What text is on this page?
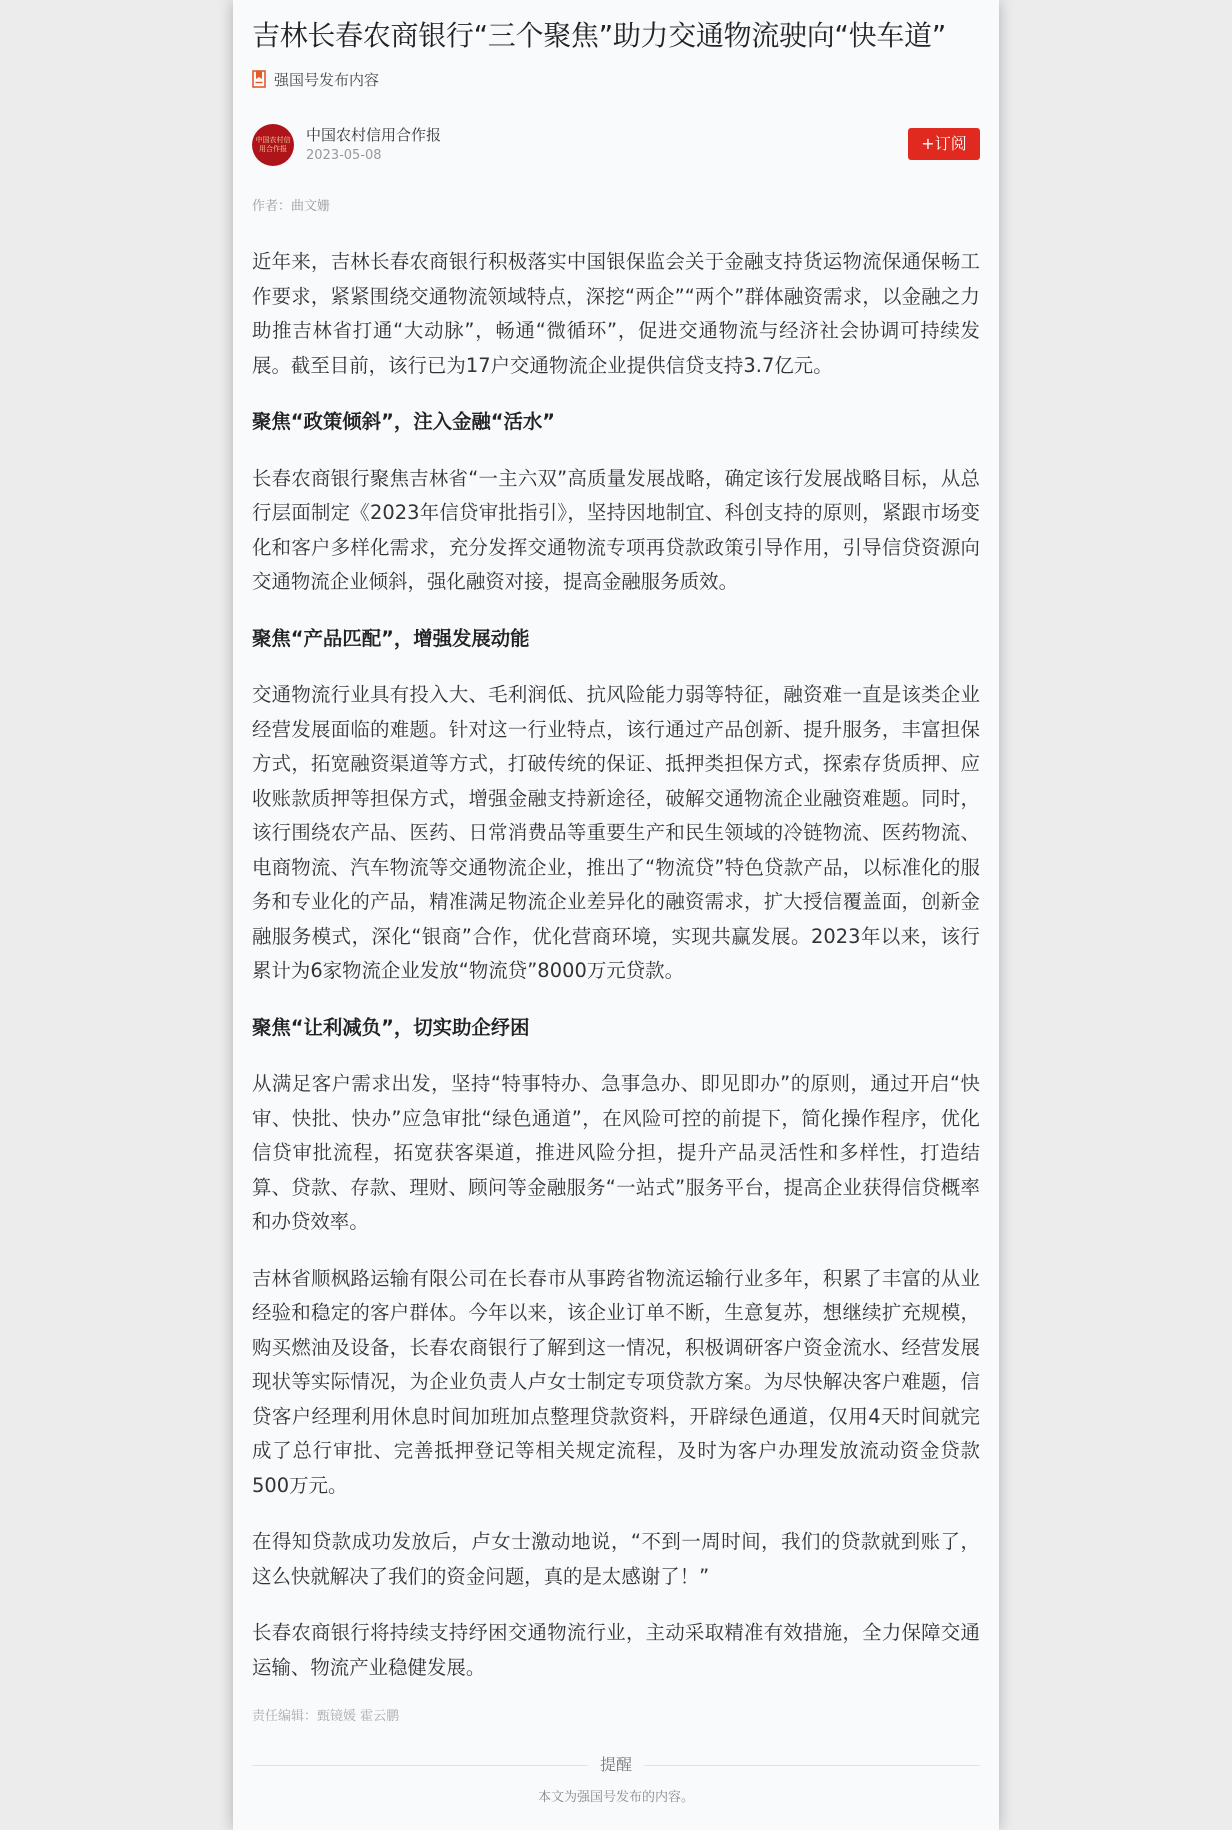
吉林长春农商银行“三个聚焦”助力交通物流驶向“快车道”
强国号发布内容
中国农村信用合作报
中国农村信用合作报
2023-05-08
+订阅
作者：曲文姗

近年来，吉林长春农商银行积极落实中国银保监会关于金融支持货运物流保通保畅工作要求，紧紧围绕交通物流领域特点，深挖“两企”“两个”群体融资需求，以金融之力助推吉林省打通“大动脉”，畅通“微循环”，促进交通物流与经济社会协调可持续发展。截至目前，该行已为17户交通物流企业提供信贷支持3.7亿元。

聚焦“政策倾斜”，注入金融“活水”

长春农商银行聚焦吉林省“一主六双”高质量发展战略，确定该行发展战略目标，从总行层面制定《2023年信贷审批指引》，坚持因地制宜、科创支持的原则，紧跟市场变化和客户多样化需求，充分发挥交通物流专项再贷款政策引导作用，引导信贷资源向交通物流企业倾斜，强化融资对接，提高金融服务质效。

聚焦“产品匹配”，增强发展动能

交通物流行业具有投入大、毛利润低、抗风险能力弱等特征，融资难一直是该类企业经营发展面临的难题。针对这一行业特点，该行通过产品创新、提升服务，丰富担保方式，拓宽融资渠道等方式，打破传统的保证、抵押类担保方式，探索存货质押、应收账款质押等担保方式，增强金融支持新途径，破解交通物流企业融资难题。同时，该行围绕农产品、医药、日常消费品等重要生产和民生领域的冷链物流、医药物流、电商物流、汽车物流等交通物流企业，推出了“物流贷”特色贷款产品，以标准化的服务和专业化的产品，精准满足物流企业差异化的融资需求，扩大授信覆盖面，创新金融服务模式，深化“银商”合作，优化营商环境，实现共赢发展。2023年以来，该行累计为6家物流企业发放“物流贷”8000万元贷款。

聚焦“让利减负”，切实助企纾困

从满足客户需求出发，坚持“特事特办、急事急办、即见即办”的原则，通过开启“快审、快批、快办”应急审批“绿色通道”，在风险可控的前提下，简化操作程序，优化信贷审批流程，拓宽获客渠道，推进风险分担，提升产品灵活性和多样性，打造结算、贷款、存款、理财、顾问等金融服务“一站式”服务平台，提高企业获得信贷概率和办贷效率。

吉林省顺枫路运输有限公司在长春市从事跨省物流运输行业多年，积累了丰富的从业经验和稳定的客户群体。今年以来，该企业订单不断，生意复苏，想继续扩充规模，购买燃油及设备，长春农商银行了解到这一情况，积极调研客户资金流水、经营发展现状等实际情况，为企业负责人卢女士制定专项贷款方案。为尽快解决客户难题，信贷客户经理利用休息时间加班加点整理贷款资料，开辟绿色通道，仅用4天时间就完成了总行审批、完善抵押登记等相关规定流程，及时为客户办理发放流动资金贷款500万元。

在得知贷款成功发放后，卢女士激动地说，“不到一周时间，我们的贷款就到账了，这么快就解决了我们的资金问题，真的是太感谢了！”

长春农商银行将持续支持纾困交通物流行业，主动采取精准有效措施，全力保障交通运输、物流产业稳健发展。

责任编辑：甄镜媛 霍云鹏
提醒
本文为强国号发布的内容。
